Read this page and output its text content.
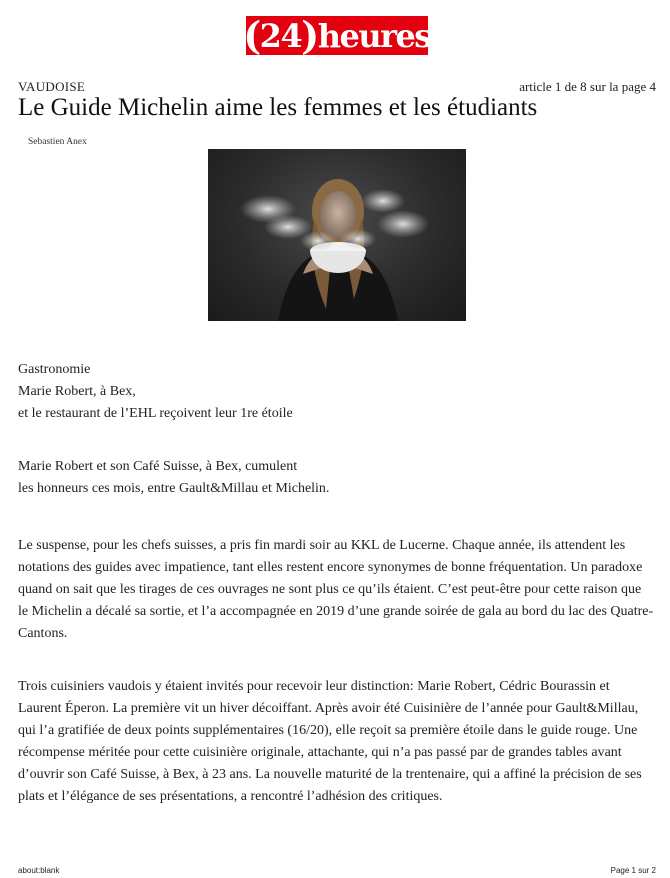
( 24 ) heures
VAUDOISE	article 1 de 8 sur la page 4
Le Guide Michelin aime les femmes et les étudiants
Sebastien Anex

Gastronomie

Marie Robert, à Bex,

et le restaurant de l’EHL reçoivent leur 1re étoile

Marie Robert et son Café Suisse, à Bex, cumulent

les honneurs ces mois, entre Gault&Millau et Michelin.

Le suspense, pour les chefs suisses, a pris fin mardi soir au KKL de Lucerne. Chaque année, ils attendent les notations des guides avec impatience, tant elles restent encore synonymes de bonne fréquentation. Un paradoxe quand on sait que les tirages de ces ouvrages ne sont plus ce qu’ils étaient. C’est peut-être pour cette raison que le Michelin a décalé sa sortie, et l’a accompagnée en 2019 d’une grande soirée de gala au bord du lac des Quatre-Cantons.

Trois cuisiniers vaudois y étaient invités pour recevoir leur distinction: Marie Robert, Cédric Bourassin et Laurent Éperon. La première vit un hiver décoiffant. Après avoir été Cuisinière de l’année pour Gault&Millau, qui l’a gratifiée de deux points supplémentaires (16/20), elle reçoit sa première étoile dans le guide rouge. Une récompense méritée pour cette cuisinière originale, attachante, qui n’a pas passé par de grandes tables avant d’ouvrir son Café Suisse, à Bex, à 23 ans. La nouvelle maturité de la trentenaire, qui a affiné la précision de ses plats et l’élégance de ses présentations, a rencontré l’adhésion des critiques.

about:blank	Page 1 sur 2
